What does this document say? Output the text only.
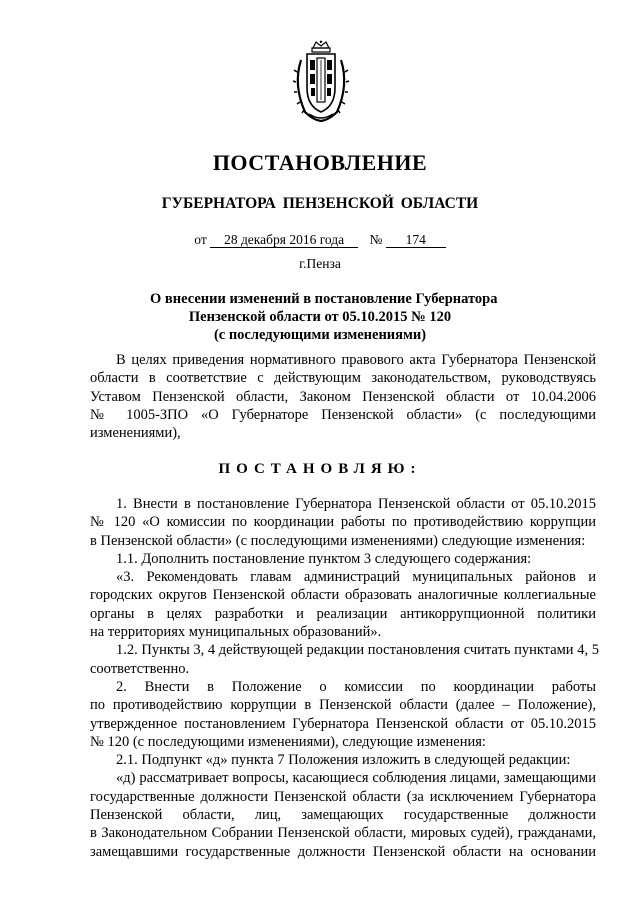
ПОСТАНОВЛЕНИЕ
ГУБЕРНАТОРА ПЕНЗЕНСКОЙ ОБЛАСТИ
от 28 декабря 2016 года № 174
г.Пенза
О внесении изменений в постановление Губернатора
Пензенской области от 05.10.2015 № 120
(с последующими изменениями)
В целях приведения нормативного правового акта Губернатора Пензенской
области в соответствие с действующим законодательством, руководствуясь
Уставом Пензенской области, Законом Пензенской области от 10.04.2006
№ 1005-ЗПО «О Губернаторе Пензенской области» (с последующими
изменениями),
ПОСТАНОВЛЯЮ:
1. Внести в постановление Губернатора Пензенской области от 05.10.2015
№ 120 «О комиссии по координации работы по противодействию коррупции
в Пензенской области» (с последующими изменениями) следующие изменения:
1.1. Дополнить постановление пунктом 3 следующего содержания:
«3. Рекомендовать главам администраций муниципальных районов и
городских округов Пензенской области образовать аналогичные коллегиальные
органы в целях разработки и реализации антикоррупционной политики
на территориях муниципальных образований».
1.2. Пункты 3, 4 действующей редакции постановления считать пунктами 4, 5
соответственно.
2. Внести в Положение о комиссии по координации работы
по противодействию коррупции в Пензенской области (далее – Положение),
утвержденное постановлением Губернатора Пензенской области от 05.10.2015
№ 120 (с последующими изменениями), следующие изменения:
2.1. Подпункт «д» пункта 7 Положения изложить в следующей редакции:
«д) рассматривает вопросы, касающиеся соблюдения лицами, замещающими
государственные должности Пензенской области (за исключением Губернатора
Пензенской области, лиц, замещающих государственные должности
в Законодательном Собрании Пензенской области, мировых судей), гражданами,
замещавшими государственные должности Пензенской области на основании
